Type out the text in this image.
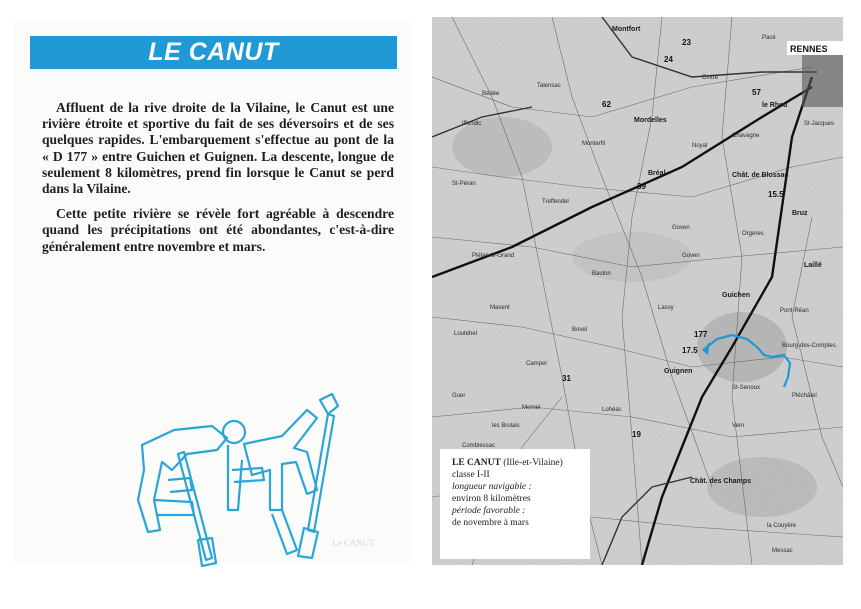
LE CANUT

Affluent de la rive droite de la Vilaine, le Canut est une rivière étroite et sportive du fait de ses déversoirs et de ses quelques rapides. L'embarquement s'effectue au pont de la « D 177 » entre Guichen et Guignen. La descente, longue de seulement 8 kilomètres, prend fin lorsque le Canut se perd dans la Vilaine.

Cette petite rivière se révèle fort agréable à descendre quand les précipitations ont été abondantes, c'est-à-dire généralement entre novembre et mars.

Le CANUT
RENNES
Mordelles
Bréal-
Montfort
Chât. de Blossac
Bruz
Guichen
Laillé
Chât. des Champs
Guignen
le Rheu
Bédée
Talensac
Iffendic
Monterfil
St-Péran
Treffendel
Plélan-le-Grand
Maxent
Baulon
Goven
Lassy
Bovel
Campel
Mernel
Guer
Comblessac
Loutehel
Chavagne
Orgères
Bourg-des-Comptes
Pléchâtel
St-Senoux
la Couyère
les Brulais
Lohéac
Goven
Vern
St-Jacques
Pacé
Cintré
Noyal
Pont-Réan
Messac
23
24
39
177
15.5
17.5
19
31
57
62
LE CANUT (Ille-et-Vilaine)
classe I-II
longueur navigable :
environ 8 kilomètres
période favorable :
de novembre à mars
